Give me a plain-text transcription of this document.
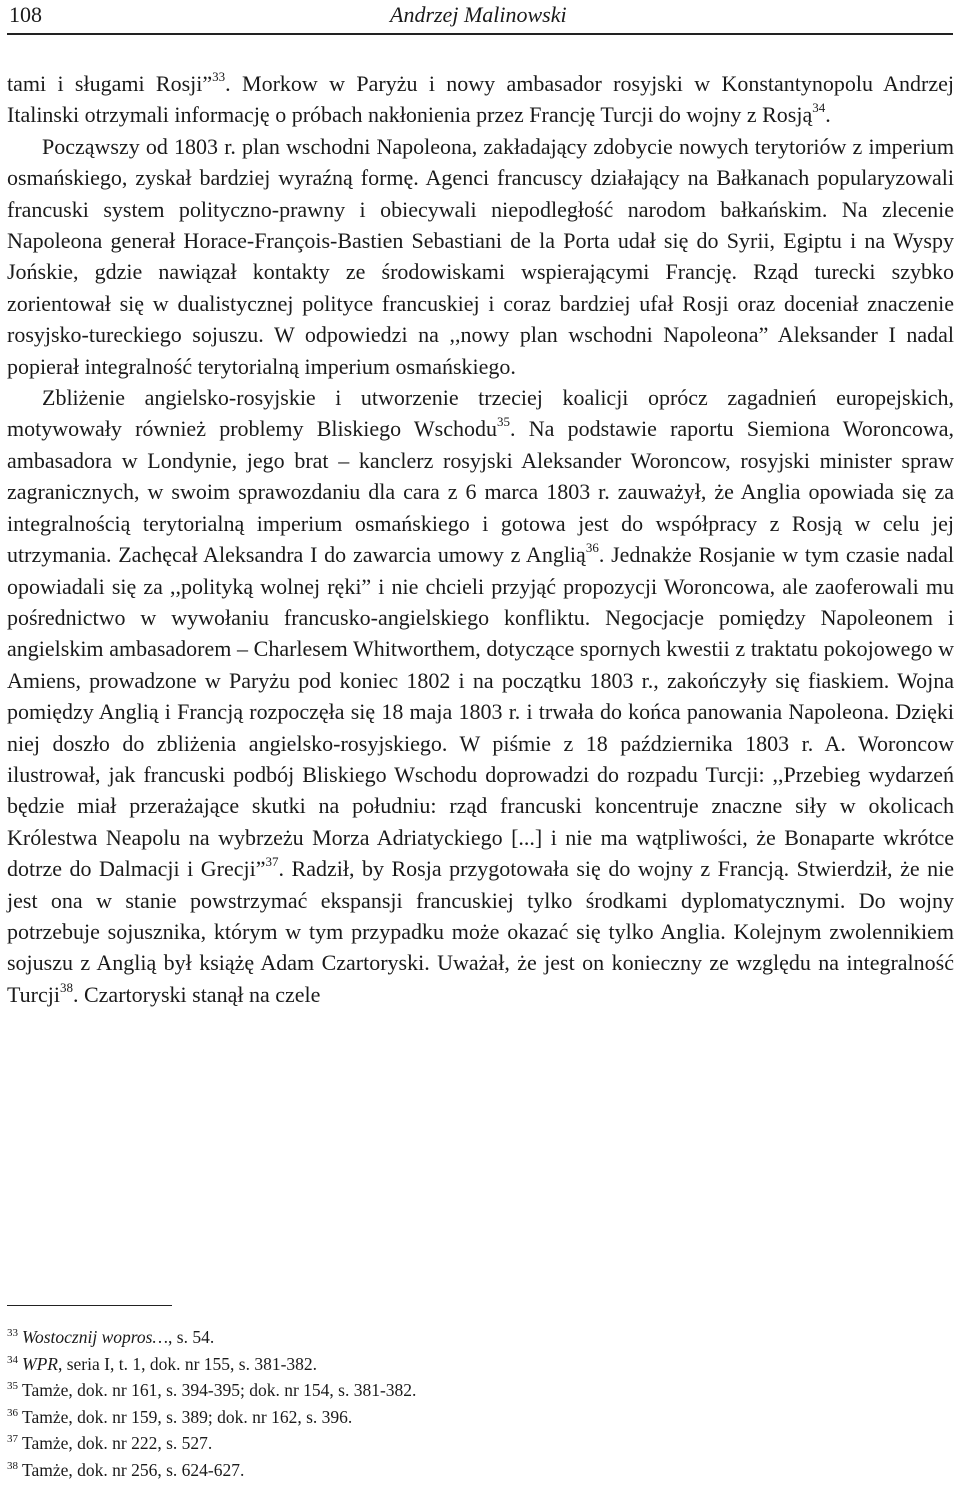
108	Andrzej Malinowski

tami i sługami Rosji”$^{33}$. Morkow w Paryżu i nowy ambasador rosyjski w Konstantynopolu Andrzej Italinski otrzymali informację o próbach nakłonienia przez Francję Turcji do wojny z Rosją$^{34}$.

Począwszy od 1803 r. plan wschodni Napoleona, zakładający zdobycie nowych terytoriów z imperium osmańskiego, zyskał bardziej wyraźną formę. Agenci francuscy działający na Bałkanach popularyzowali francuski system polityczno-prawny i obiecywali niepodległość narodom bałkańskim. Na zlecenie Napoleona generał Horace-François-Bastien Sebastiani de la Porta udał się do Syrii, Egiptu i na Wyspy Jońskie, gdzie nawiązał kontakty ze środowiskami wspierającymi Francję. Rząd turecki szybko zorientował się w dualistycznej polityce francuskiej i coraz bardziej ufał Rosji oraz doceniał znaczenie rosyjsko-tureckiego sojuszu. W odpowiedzi na ,,nowy plan wschodni Napoleona” Aleksander I nadal popierał integralność terytorialną imperium osmańskiego.

Zbliżenie angielsko-rosyjskie i utworzenie trzeciej koalicji oprócz zagadnień europejskich, motywowały również problemy Bliskiego Wschodu$^{35}$. Na podstawie raportu Siemiona Woroncowa, ambasadora w Londynie, jego brat – kanclerz rosyjski Aleksander Woroncow, rosyjski minister spraw zagranicznych, w swoim sprawozdaniu dla cara z 6 marca 1803 r. zauważył, że Anglia opowiada się za integralnością terytorialną imperium osmańskiego i gotowa jest do współpracy z Rosją w celu jej utrzymania. Zachęcał Aleksandra I do zawarcia umowy z Anglią$^{36}$. Jednakże Rosjanie w tym czasie nadal opowiadali się za ,,polityką wolnej ręki” i nie chcieli przyjąć propozycji Woroncowa, ale zaoferowali mu pośrednictwo w wywołaniu francusko-angielskiego konfliktu. Negocjacje pomiędzy Napoleonem i angielskim ambasadorem – Charlesem Whitworthem, dotyczące spornych kwestii z traktatu pokojowego w Amiens, prowadzone w Paryżu pod koniec 1802 i na początku 1803 r., zakończyły się fiaskiem. Wojna pomiędzy Anglią i Francją rozpoczęła się 18 maja 1803 r. i trwała do końca panowania Napoleona. Dzięki niej doszło do zbliżenia angielsko-rosyjskiego. W piśmie z 18 października 1803 r. A. Woroncow ilustrował, jak francuski podbój Bliskiego Wschodu doprowadzi do rozpadu Turcji: ,,Przebieg wydarzeń będzie miał przerażające skutki na południu: rząd francuski koncentruje znaczne siły w okolicach Królestwa Neapolu na wybrzeżu Morza Adriatyckiego [...] i nie ma wątpliwości, że Bonaparte wkrótce dotrze do Dalmacji i Grecji”$^{37}$. Radził, by Rosja przygotowała się do wojny z Francją. Stwierdził, że nie jest ona w stanie powstrzymać ekspansji francuskiej tylko środkami dyplomatycznymi. Do wojny potrzebuje sojusznika, którym w tym przypadku może okazać się tylko Anglia. Kolejnym zwolennikiem sojuszu z Anglią był książę Adam Czartoryski. Uważał, że jest on konieczny ze względu na integralność Turcji$^{38}$. Czartoryski stanął na czele

$^{33}$ Wostocznij wopros…, s. 54.
$^{34}$ WPR, seria I, t. 1, dok. nr 155, s. 381-382.
$^{35}$ Tamże, dok. nr 161, s. 394-395; dok. nr 154, s. 381-382.
$^{36}$ Tamże, dok. nr 159, s. 389; dok. nr 162, s. 396.
$^{37}$ Tamże, dok. nr 222, s. 527.
$^{38}$ Tamże, dok. nr 256, s. 624-627.
